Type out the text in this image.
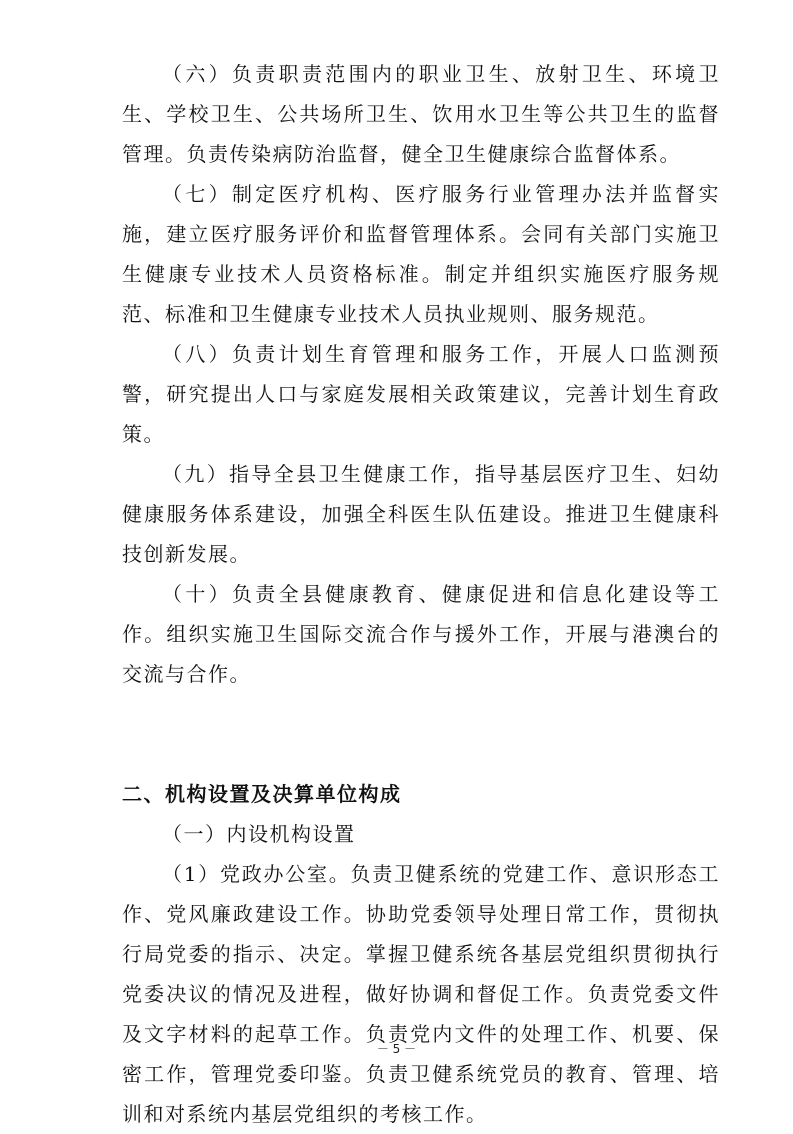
（六）负责职责范围内的职业卫生、放射卫生、环境卫生、学校卫生、公共场所卫生、饮用水卫生等公共卫生的监督管理。负责传染病防治监督，健全卫生健康综合监督体系。

（七）制定医疗机构、医疗服务行业管理办法并监督实施，建立医疗服务评价和监督管理体系。会同有关部门实施卫生健康专业技术人员资格标准。制定并组织实施医疗服务规范、标准和卫生健康专业技术人员执业规则、服务规范。

（八）负责计划生育管理和服务工作，开展人口监测预警，研究提出人口与家庭发展相关政策建议，完善计划生育政策。

（九）指导全县卫生健康工作，指导基层医疗卫生、妇幼健康服务体系建设，加强全科医生队伍建设。推进卫生健康科技创新发展。

（十）负责全县健康教育、健康促进和信息化建设等工作。组织实施卫生国际交流合作与援外工作，开展与港澳台的交流与合作。

二、机构设置及决算单位构成

（一）内设机构设置

（1）党政办公室。负责卫健系统的党建工作、意识形态工作、党风廉政建设工作。协助党委领导处理日常工作，贯彻执行局党委的指示、决定。掌握卫健系统各基层党组织贯彻执行党委决议的情况及进程，做好协调和督促工作。负责党委文件及文字材料的起草工作。负责党内文件的处理工作、机要、保密工作，管理党委印鉴。负责卫健系统党员的教育、管理、培训和对系统内基层党组织的考核工作。

－ 5 －
